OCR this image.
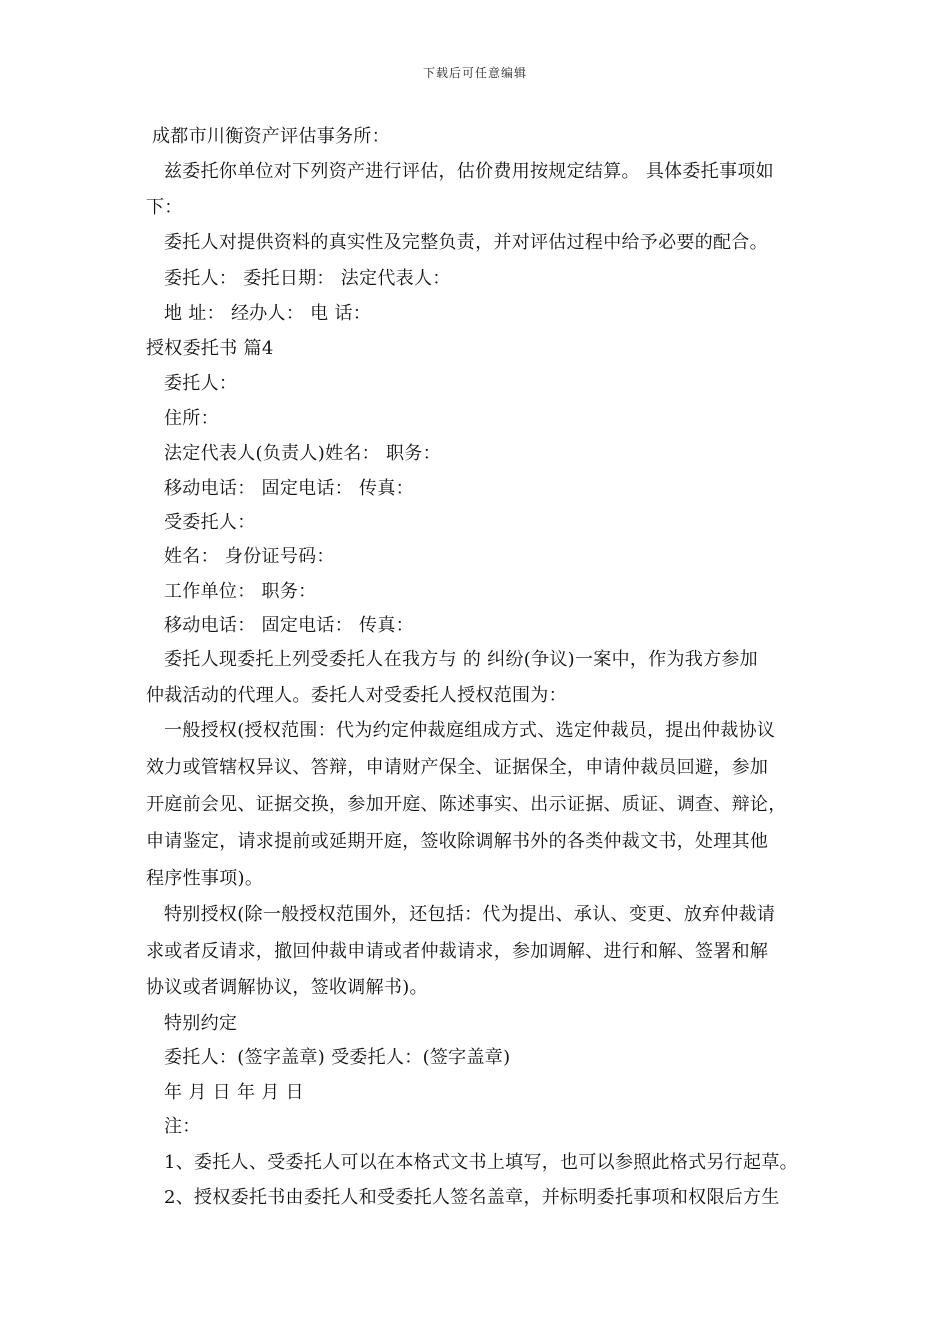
下载后可任意编辑
成都市川衡资产评估事务所：
兹委托你单位对下列资产进行评估，估价费用按规定结算。 具体委托事项如
下：
委托人对提供资料的真实性及完整负责，并对评估过程中给予必要的配合。
委托人： 委托日期： 法定代表人：
地 址： 经办人： 电 话：
授权委托书 篇4
委托人：
住所：
法定代表人(负责人)姓名： 职务：
移动电话： 固定电话： 传真：
受委托人：
姓名： 身份证号码：
工作单位： 职务：
移动电话： 固定电话： 传真：
委托人现委托上列受委托人在我方与 的 纠纷(争议)一案中，作为我方参加
仲裁活动的代理人。委托人对受委托人授权范围为：
一般授权(授权范围：代为约定仲裁庭组成方式、选定仲裁员，提出仲裁协议
效力或管辖权异议、答辩，申请财产保全、证据保全，申请仲裁员回避，参加
开庭前会见、证据交换，参加开庭、陈述事实、出示证据、质证、调查、辩论，
申请鉴定，请求提前或延期开庭，签收除调解书外的各类仲裁文书，处理其他
程序性事项)。
特别授权(除一般授权范围外，还包括：代为提出、承认、变更、放弃仲裁请
求或者反请求，撤回仲裁申请或者仲裁请求，参加调解、进行和解、签署和解
协议或者调解协议，签收调解书)。
特别约定
委托人：(签字盖章) 受委托人：(签字盖章)
年 月 日 年 月 日
注：
1、委托人、受委托人可以在本格式文书上填写，也可以参照此格式另行起草。
2、授权委托书由委托人和受委托人签名盖章，并标明委托事项和权限后方生
